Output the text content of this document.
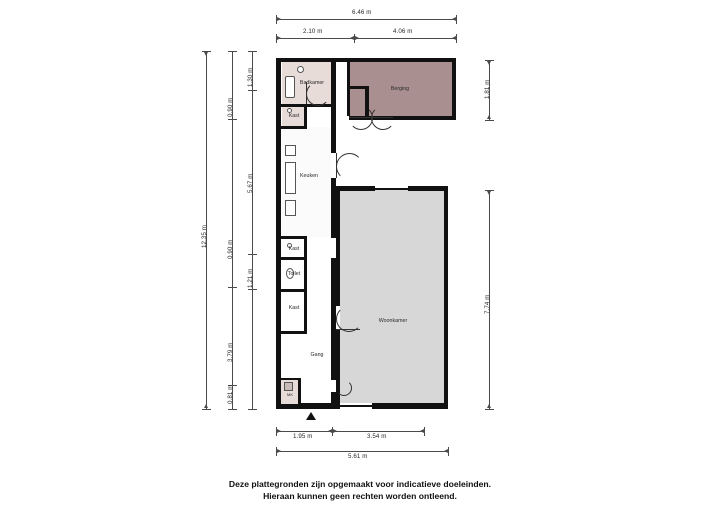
6.46 m
2.10 m	4.06 m
12.35 m
0.90 m
0.90 m
0.81 m
1.30 m
5.67 m
1.21 m
3.79 m
1.81 m
7.74 m
1.95 m	3.54 m
5.61 m
Badkamer
Kast
Berging
Keuken
Kast
Toilet
Kast
Woonkamer
Gang
MK
Deze plattegronden zijn opgemaakt voor indicatieve doeleinden.
Hieraan kunnen geen rechten worden ontleend.
